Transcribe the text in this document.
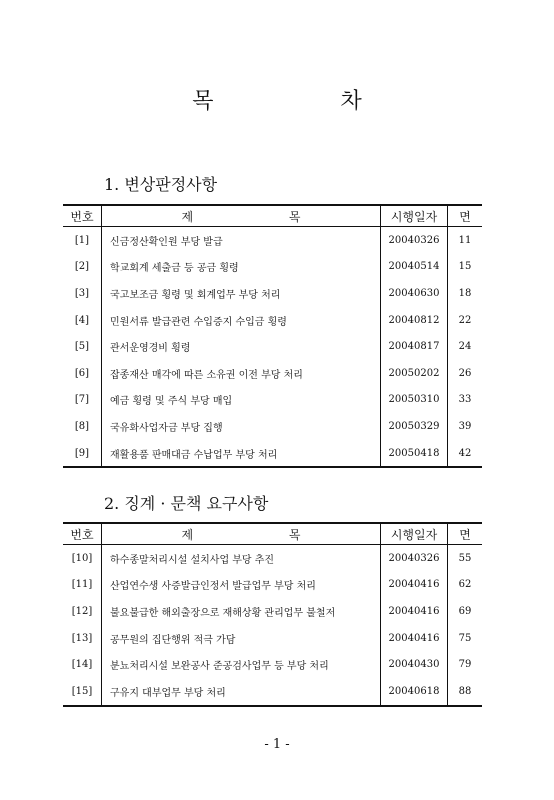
목 차
1. 변상판정사항
번호	제 목	시행일자	면
[1]	신금정산확인원 부당 발급	20040326	11
[2]	학교회계 세출금 등 공금 횡령	20040514	15
[3]	국고보조금 횡령 및 회계업무 부당 처리	20040630	18
[4]	민원서류 발급관련 수입증지 수입금 횡령	20040812	22
[5]	관서운영경비 횡령	20040817	24
[6]	잡종재산 매각에 따른 소유권 이전 부당 처리	20050202	26
[7]	예금 횡령 및 주식 부당 매입	20050310	33
[8]	국유화사업자금 부당 집행	20050329	39
[9]	재활용품 판매대금 수납업무 부당 처리	20050418	42
2. 징계 · 문책 요구사항
번호	제 목	시행일자	면
[10]	하수종말처리시설 설치사업 부당 추진	20040326	55
[11]	산업연수생 사증발급인정서 발급업무 부당 처리	20040416	62
[12]	불요불급한 해외출장으로 재해상황 관리업무 불철저	20040416	69
[13]	공무원의 집단행위 적극 가담	20040416	75
[14]	분뇨처리시설 보완공사 준공검사업무 등 부당 처리	20040430	79
[15]	구유지 대부업무 부당 처리	20040618	88
- 1 -
